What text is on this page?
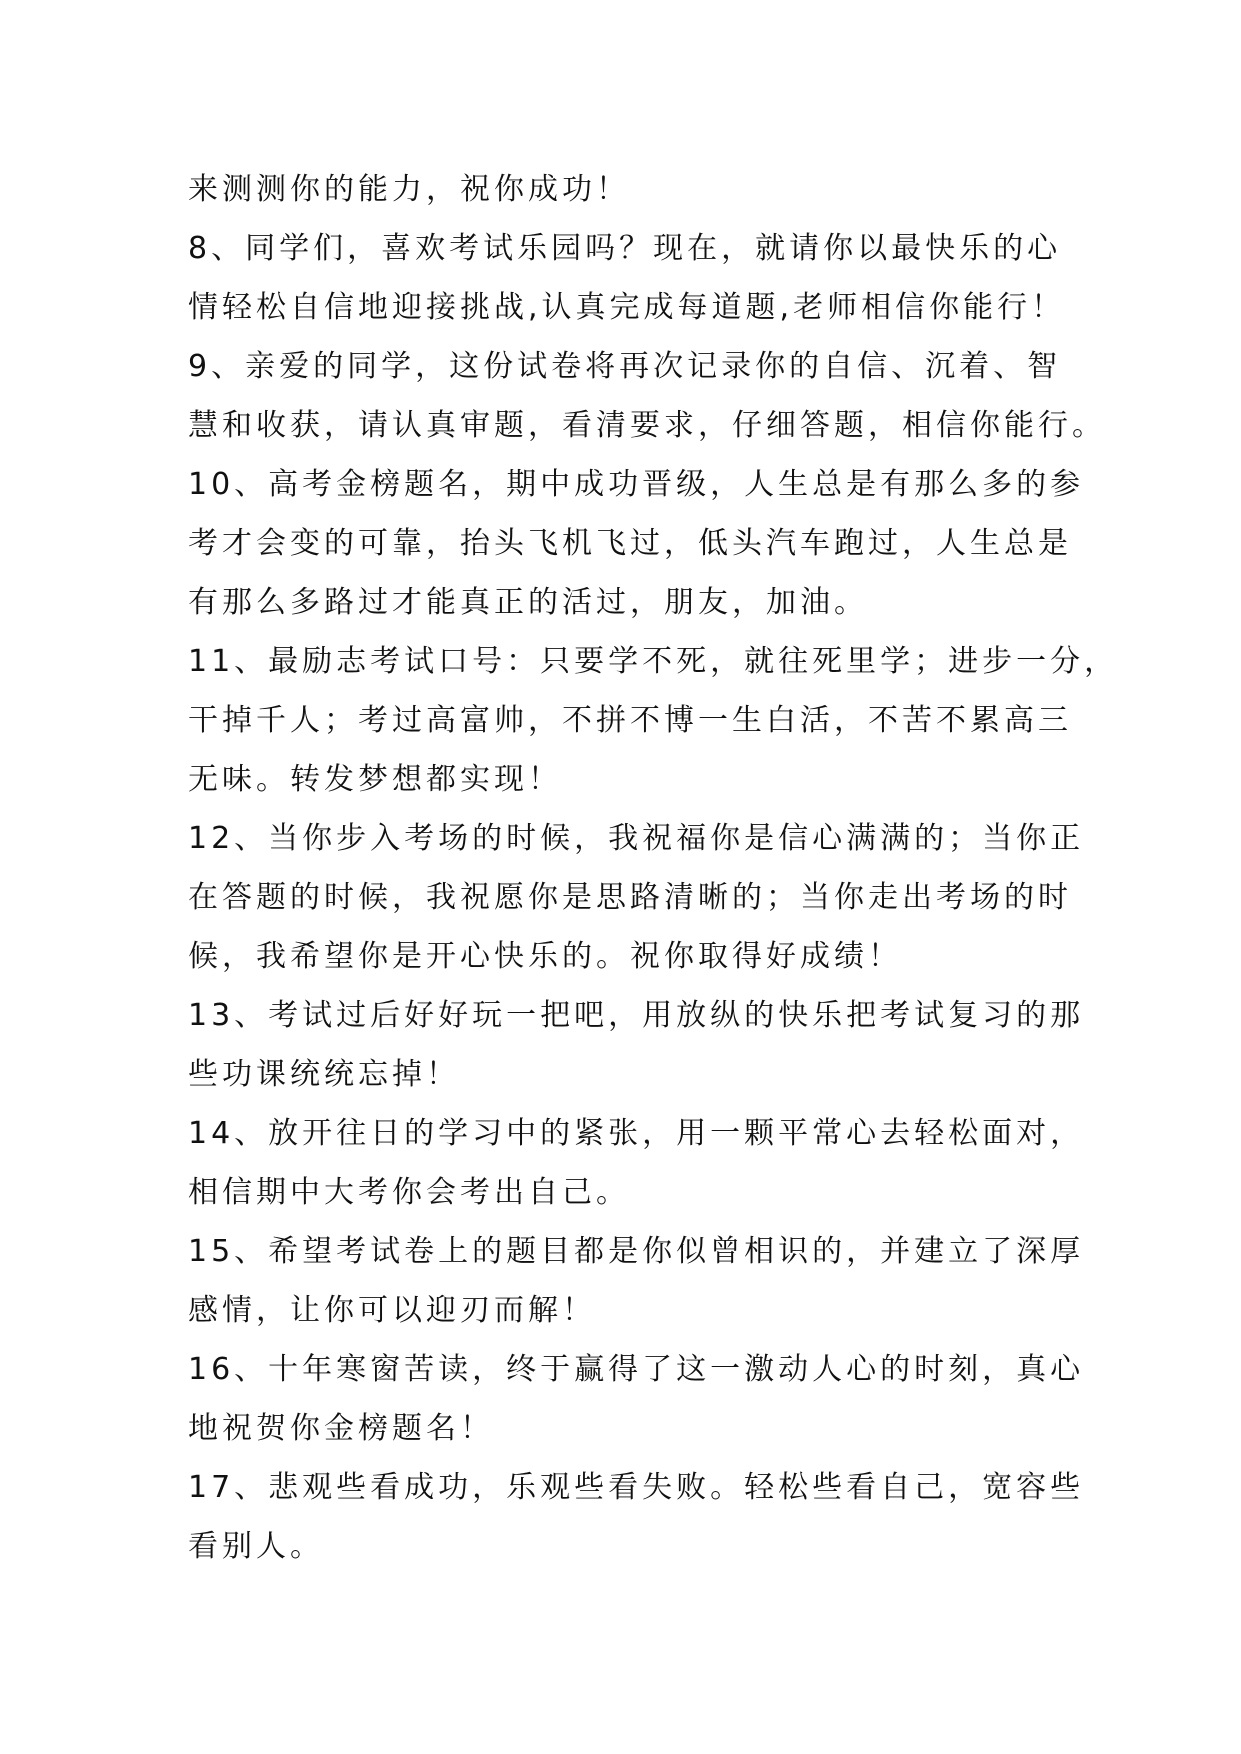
来测测你的能力，祝你成功！
8、同学们，喜欢考试乐园吗？现在，就请你以最快乐的心
情轻松自信地迎接挑战,认真完成每道题,老师相信你能行！
9、亲爱的同学，这份试卷将再次记录你的自信、沉着、智
慧和收获，请认真审题，看清要求，仔细答题，相信你能行。
10、高考金榜题名，期中成功晋级，人生总是有那么多的参
考才会变的可靠，抬头飞机飞过，低头汽车跑过，人生总是
有那么多路过才能真正的活过，朋友，加油。
11、最励志考试口号：只要学不死，就往死里学；进步一分，
干掉千人；考过高富帅，不拼不博一生白活，不苦不累高三
无味。转发梦想都实现！
12、当你步入考场的时候，我祝福你是信心满满的；当你正
在答题的时候，我祝愿你是思路清晰的；当你走出考场的时
候，我希望你是开心快乐的。祝你取得好成绩！
13、考试过后好好玩一把吧，用放纵的快乐把考试复习的那
些功课统统忘掉！
14、放开往日的学习中的紧张，用一颗平常心去轻松面对，
相信期中大考你会考出自己。
15、希望考试卷上的题目都是你似曾相识的，并建立了深厚
感情，让你可以迎刃而解！
16、十年寒窗苦读，终于赢得了这一激动人心的时刻，真心
地祝贺你金榜题名！
17、悲观些看成功，乐观些看失败。轻松些看自己，宽容些
看别人。
